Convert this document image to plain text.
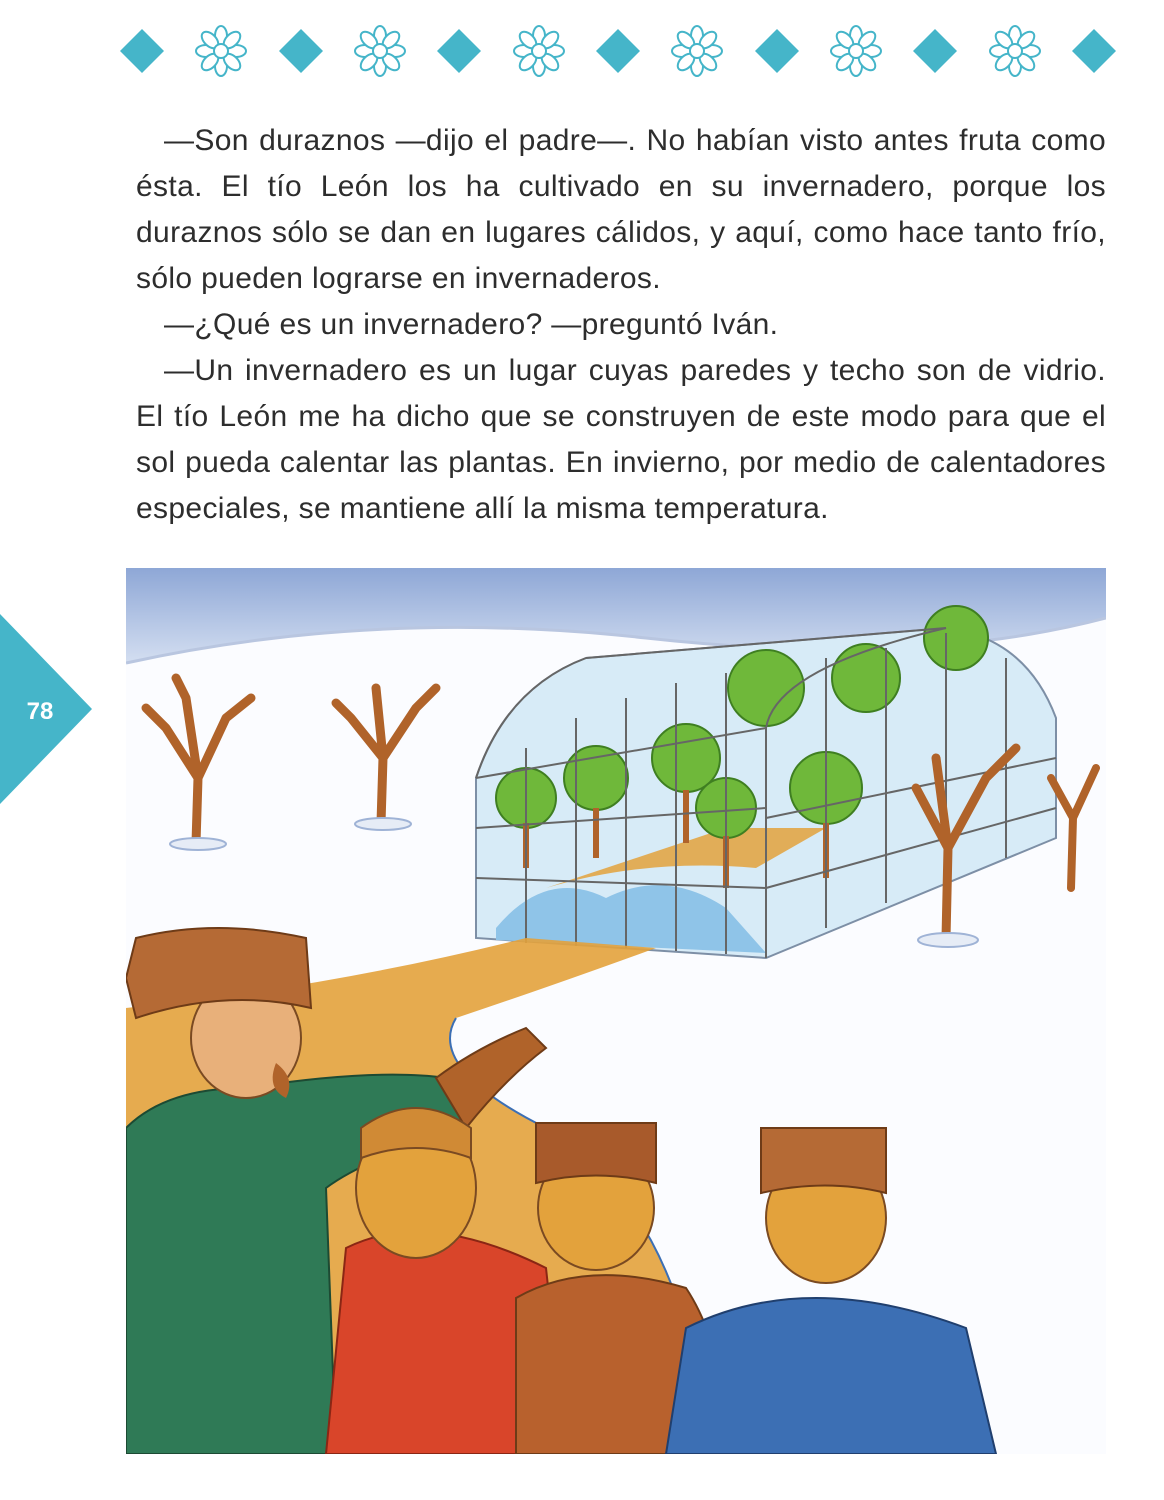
—Son duraznos —dijo el padre—. No habían visto antes fruta como ésta. El tío León los ha cultivado en su invernadero, porque los duraznos sólo se dan en lugares cálidos, y aquí, como hace tanto frío, sólo pueden lograrse en invernaderos.

—¿Qué es un invernadero? —preguntó Iván.

—Un invernadero es un lugar cuyas paredes y techo son de vidrio. El tío León me ha dicho que se construyen de este modo para que el sol pueda calentar las plantas. En invierno, por medio de calentadores especiales, se mantiene allí la misma temperatura.

78
